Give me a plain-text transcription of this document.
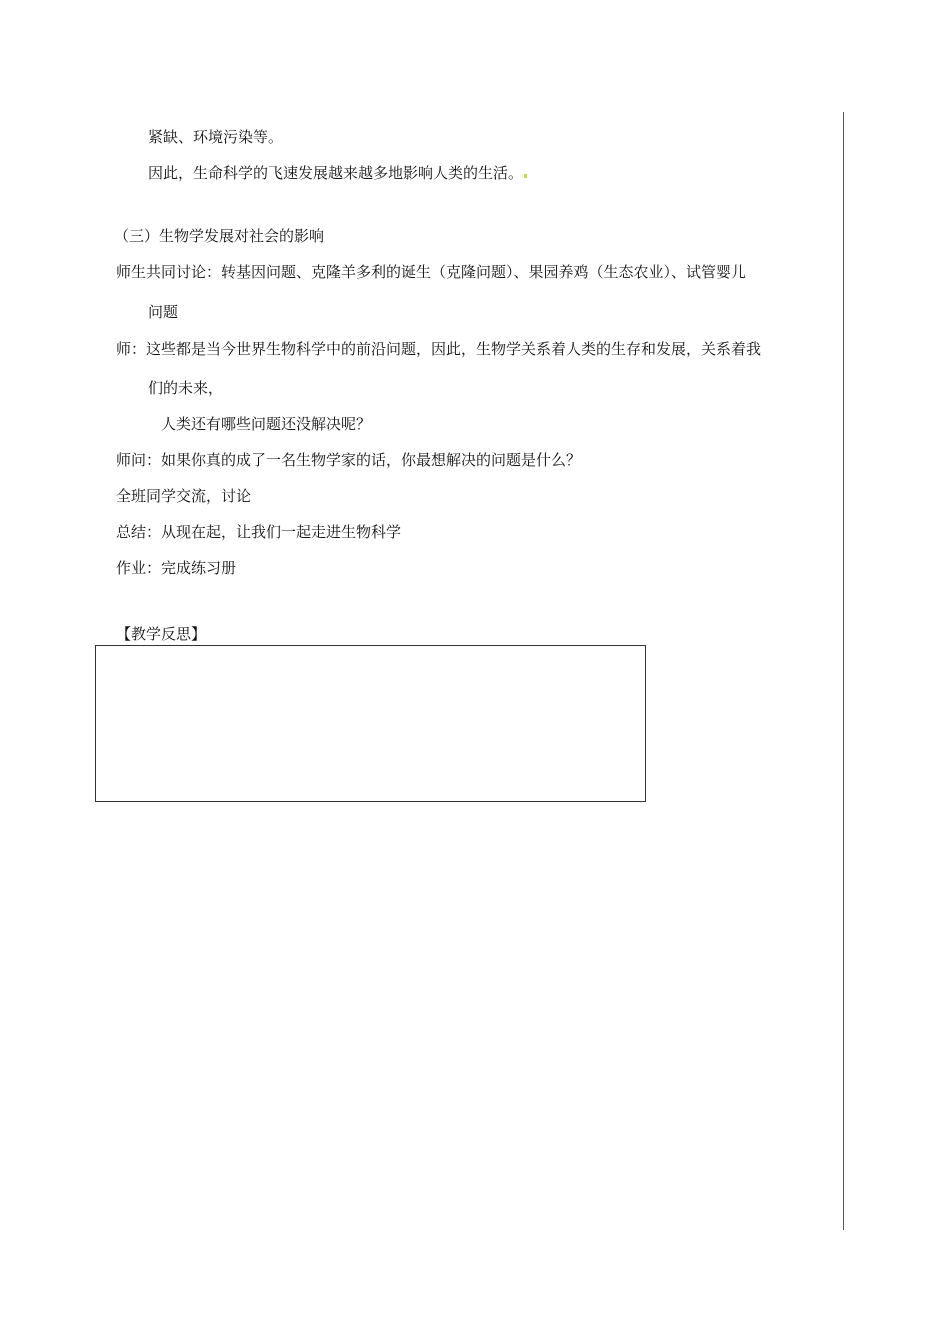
紧缺、环境污染等。
因此，生命科学的飞速发展越来越多地影响人类的生活。
（三）生物学发展对社会的影响
师生共同讨论：转基因问题、克隆羊多利的诞生（克隆问题）、果园养鸡（生态农业）、试管婴儿
问题
师：这些都是当今世界生物科学中的前沿问题，因此，生物学关系着人类的生存和发展，关系着我
们的未来，
人类还有哪些问题还没解决呢？
师问：如果你真的成了一名生物学家的话，你最想解决的问题是什么？
全班同学交流，讨论
总结：从现在起，让我们一起走进生物科学
作业：完成练习册
【教学反思】
